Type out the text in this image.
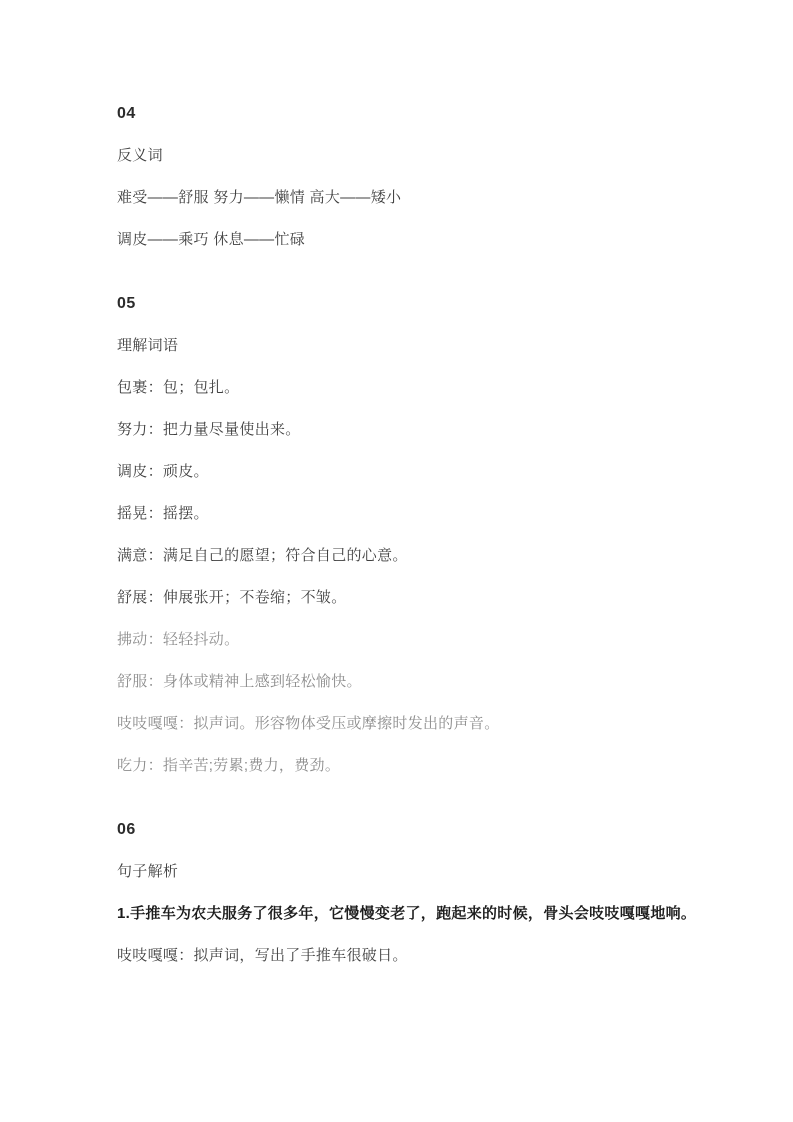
04
反义词
难受——舒服 努力——懒情 高大——矮小
调皮——乘巧 休息——忙碌
05
理解词语
包裹：包；包扎。
努力：把力量尽量使出来。
调皮：顽皮。
摇晃：摇摆。
满意：满足自己的愿望；符合自己的心意。
舒展：伸展张开；不卷缩；不皱。
拂动：轻轻抖动。
舒服：身体或精神上感到轻松愉快。
吱吱嘎嘎：拟声词。形容物体受压或摩擦时发出的声音。
吃力：指辛苦;劳累;费力，费劲。
06
句子解析
1.手推车为农夫服务了很多年，它慢慢变老了，跑起来的时候，骨头会吱吱嘎嘎地响。
吱吱嘎嘎：拟声词，写出了手推车很破日。
